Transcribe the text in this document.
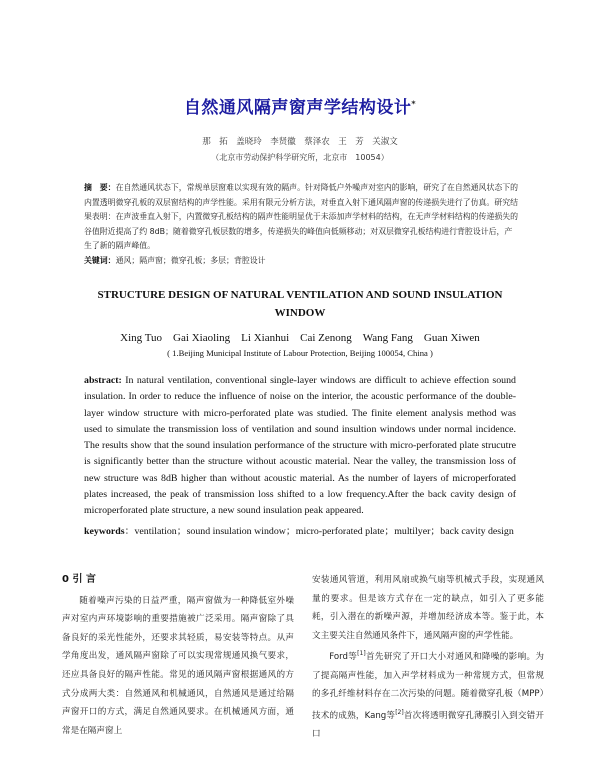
自然通风隔声窗声学结构设计*
那　拓　盖晓玲　李贤徽　蔡泽农　王　芳　关淑文
（北京市劳动保护科学研究所，北京市　10054）
摘　要：在自然通风状态下，常规单层窗难以实现有效的隔声。针对降低户外噪声对室内的影响，研究了在自然通风状态下的内置透明微穿孔板的双层窗结构的声学性能。采用有限元分析方法，对垂直入射下通风隔声窗的传递损失进行了仿真。研究结果表明：在声波垂直入射下，内置微穿孔板结构的隔声性能明显优于未添加声学材料的结构，在无声学材料结构的传递损失的谷值附近提高了约 8dB；随着微穿孔板层数的增多，传递损失的峰值向低频移动；对双层微穿孔板结构进行背腔设计后，产生了新的隔声峰值。
关键词：通风；隔声窗；微穿孔板；多层；背腔设计
STRUCTURE DESIGN OF NATURAL VENTILATION AND SOUND INSULATION WINDOW
Xing Tuo　Gai Xiaoling　Li Xianhui　Cai Zenong　Wang Fang　Guan Xiwen
( 1.Beijing Municipal Institute of Labour Protection, Beijing 100054, China )
abstract: In natural ventilation, conventional single-layer windows are difficult to achieve effection sound insulation. In order to reduce the influence of noise on the interior, the acoustic performance of the double-layer window structure with micro-perforated plate was studied. The finite element analysis method was used to simulate the transmission loss of ventilation and sound insultion windows under normal incidence. The results show that the sound insulation performance of the structure with micro-perforated plate strucutre is significantly better than the structure without acoustic material. Near the valley, the transmission loss of new structure was 8dB higher than without acoustic material. As the number of layers of microperforated plates increased, the peak of transmission loss shifted to a low frequency.After the back cavity design of microperforated plate structure, a new sound insulation peak appeared.
keywords：ventilation；sound insulation window；micro-perforated plate；multilyer；back cavity design
0 引 言

随着噪声污染的日益严重，隔声窗做为一种降低室外噪声对室内声环境影响的重要措施被广泛采用。隔声窗除了具备良好的采光性能外，还要求其轻质，易安装等特点。从声学角度出发，通风隔声窗除了可以实现常规通风换气要求，还应具备良好的隔声性能。常见的通风隔声窗根据通风的方式分成两大类：自然通风和机械通风，自然通风是通过给隔声窗开口的方式，满足自然通风要求。在机械通风方面，通常是在隔声窗上

安装通风管道，利用风扇或换气扇等机械式手段，实现通风量的要求。但是该方式存在一定的缺点，如引入了更多能耗，引入潜在的新噪声源，并增加经济成本等。鉴于此，本文主要关注自然通风条件下，通风隔声窗的声学性能。

Ford等[1]首先研究了开口大小对通风和降噪的影响。为了提高隔声性能，加入声学材料成为一种常规方式，但常规的多孔纤维材料存在二次污染的问题。随着微穿孔板（MPP）技术的成熟，Kang等[2]首次将透明微穿孔薄膜引入到交错开口
